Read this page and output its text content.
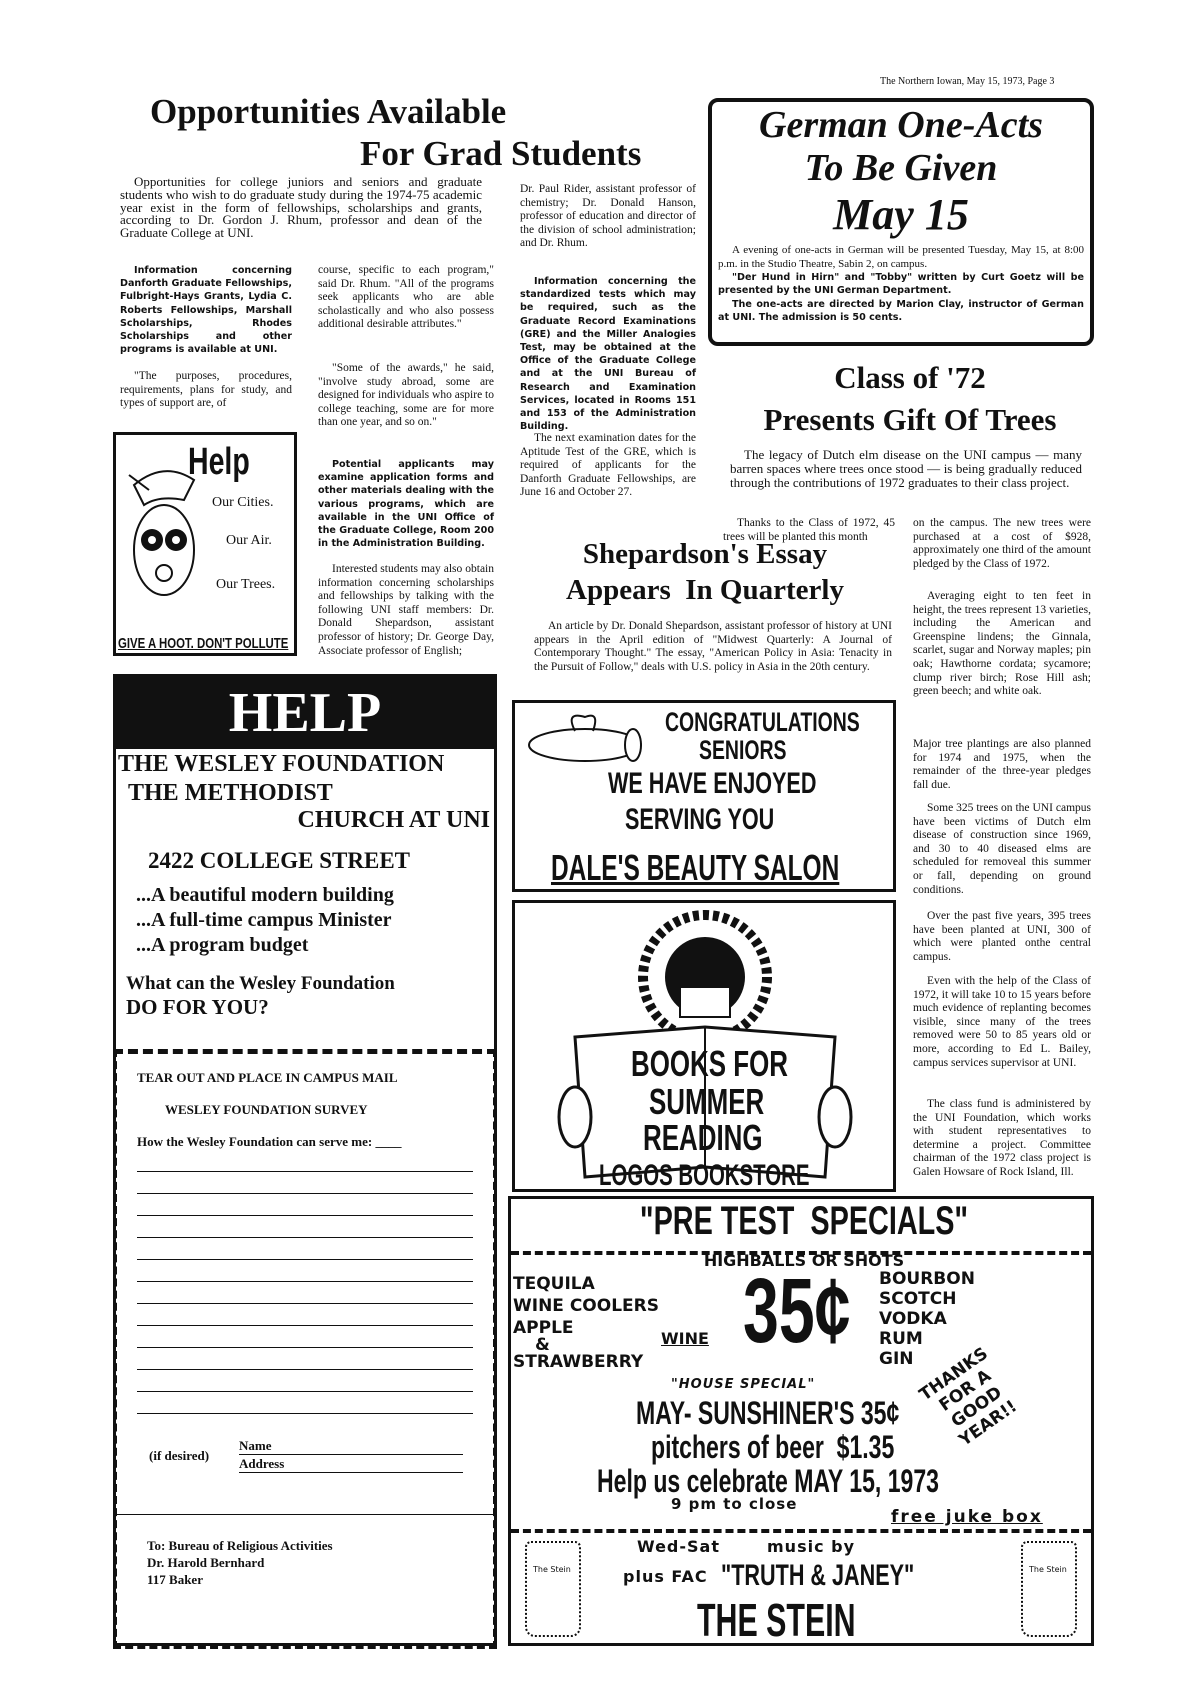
The Northern Iowan, May 15, 1973, Page 3
Opportunities Available
For Grad Students

Opportunities for college juniors and seniors and graduate students who wish to do graduate study during the 1974-75 academic year exist in the form of fellowships, scholarships and grants, according to Dr. Gordon J. Rhum, professor and dean of the Graduate College at UNI.

Information concerning Danforth Graduate Fellowships, Fulbright-Hays Grants, Lydia C. Roberts Fellowships, Marshall Scholarships, Rhodes Scholarships and other programs is available at UNI.

"The purposes, procedures, requirements, plans for study, and types of support are, of

course, specific to each program," said Dr. Rhum. "All of the programs seek applicants who are able scholastically and who also possess additional desirable attributes."

"Some of the awards," he said, "involve study abroad, some are designed for individuals who aspire to college teaching, some are for more than one year, and so on."

Potential applicants may examine application forms and other materials dealing with the various programs, which are available in the UNI Office of the Graduate College, Room 200 in the Administration Building.

Interested students may also obtain information concerning scholarships and fellowships by talking with the following UNI staff members: Dr. Donald Shepardson, assistant professor of history; Dr. George Day, Associate professor of English;

Dr. Paul Rider, assistant professor of chemistry; Dr. Donald Hanson, professor of education and director of the division of school administration; and Dr. Rhum.

Information concerning the standardized tests which may be required, such as the Graduate Record Examinations (GRE) and the Miller Analogies Test, may be obtained at the Office of the Graduate College and at the UNI Bureau of Research and Examination Services, located in Rooms 151 and 153 of the Administration Building.

The next examination dates for the Aptitude Test of the GRE, which is required of applicants for the Danforth Graduate Fellowships, are June 16 and October 27.

Help
Our Cities.
Our Air.
Our Trees.
GIVE A HOOT. DON'T POLLUTE
German One-Acts
To Be Given
May 15

A evening of one-acts in German will be presented Tuesday, May 15, at 8:00 p.m. in the Studio Theatre, Sabin 2, on campus.

"Der Hund in Hirn" and "Tobby" written by Curt Goetz will be presented by the UNI German Department.

The one-acts are directed by Marion Clay, instructor of German at UNI. The admission is 50 cents.

Class of '72
Presents Gift Of Trees

The legacy of Dutch elm disease on the UNI campus — many barren spaces where trees once stood — is being gradually reduced through the contributions of 1972 graduates to their class project.

Thanks to the Class of 1972, 45 trees will be planted this month

on the campus. The new trees were purchased at a cost of $928, approximately one third of the amount pledged by the Class of 1972.

Averaging eight to ten feet in height, the trees represent 13 varieties, including the American and Greenspine lindens; the Ginnala, scarlet, sugar and Norway maples; pin oak; Hawthorne cordata; sycamore; clump river birch; Rose Hill ash; green beech; and white oak.

Major tree plantings are also planned for 1974 and 1975, when the remainder of the three-year pledges fall due.

Some 325 trees on the UNI campus have been victims of Dutch elm disease of construction since 1969, and 30 to 40 diseased elms are scheduled for removeal this summer or fall, depending on ground conditions.

Over the past five years, 395 trees have been planted at UNI, 300 of which were planted onthe central campus.

Even with the help of the Class of 1972, it will take 10 to 15 years before much evidence of replanting becomes visible, since many of the trees removed were 50 to 85 years old or more, according to Ed L. Bailey, campus services supervisor at UNI.

The class fund is administered by the UNI Foundation, which works with student representatives to determine a project. Committee chairman of the 1972 class project is Galen Howsare of Rock Island, Ill.

Shepardson's Essay
Appears  In Quarterly

An article by Dr. Donald Shepardson, assistant professor of history at UNI appears in the April edition of "Midwest Quarterly: A Journal of Contemporary Thought." The essay, "American Policy in Asia: Tenacity in the Pursuit of Follow," deals with U.S. policy in Asia in the 20th century.

HELP
THE WESLEY FOUNDATION
THE METHODIST
CHURCH AT UNI
2422 COLLEGE STREET
...A beautiful modern building
...A full-time campus Minister
...A program budget
What can the Wesley Foundation
DO FOR YOU?
TEAR OUT AND PLACE IN CAMPUS MAIL
WESLEY FOUNDATION SURVEY
How the Wesley Foundation can serve me: ____
(if desired)
Name
Address
To: Bureau of Religious Activities
Dr. Harold Bernhard
117 Baker
CONGRATULATIONS
SENIORS
WE HAVE ENJOYED
SERVING YOU
DALE'S BEAUTY SALON
BOOKS FOR
SUMMER
READING
LOGOS BOOKSTORE
"PRE TEST  SPECIALS"
HIGHBALLS OR SHOTS
TEQUILA
WINE COOLERS
APPLE
&
STRAWBERRY
WINE 35¢ BOURBON
SCOTCH
VODKA
RUM
GIN
"HOUSE SPECIAL"
MAY- SUNSHINER'S 35¢
pitchers of beer  $1.35
Help us celebrate MAY 15, 1973
9 pm to close
THANKS FOR A GOOD YEAR!!
free juke box
The Stein	The Stein
Wed-Sat	music by
plus FAC "TRUTH & JANEY"
THE STEIN
